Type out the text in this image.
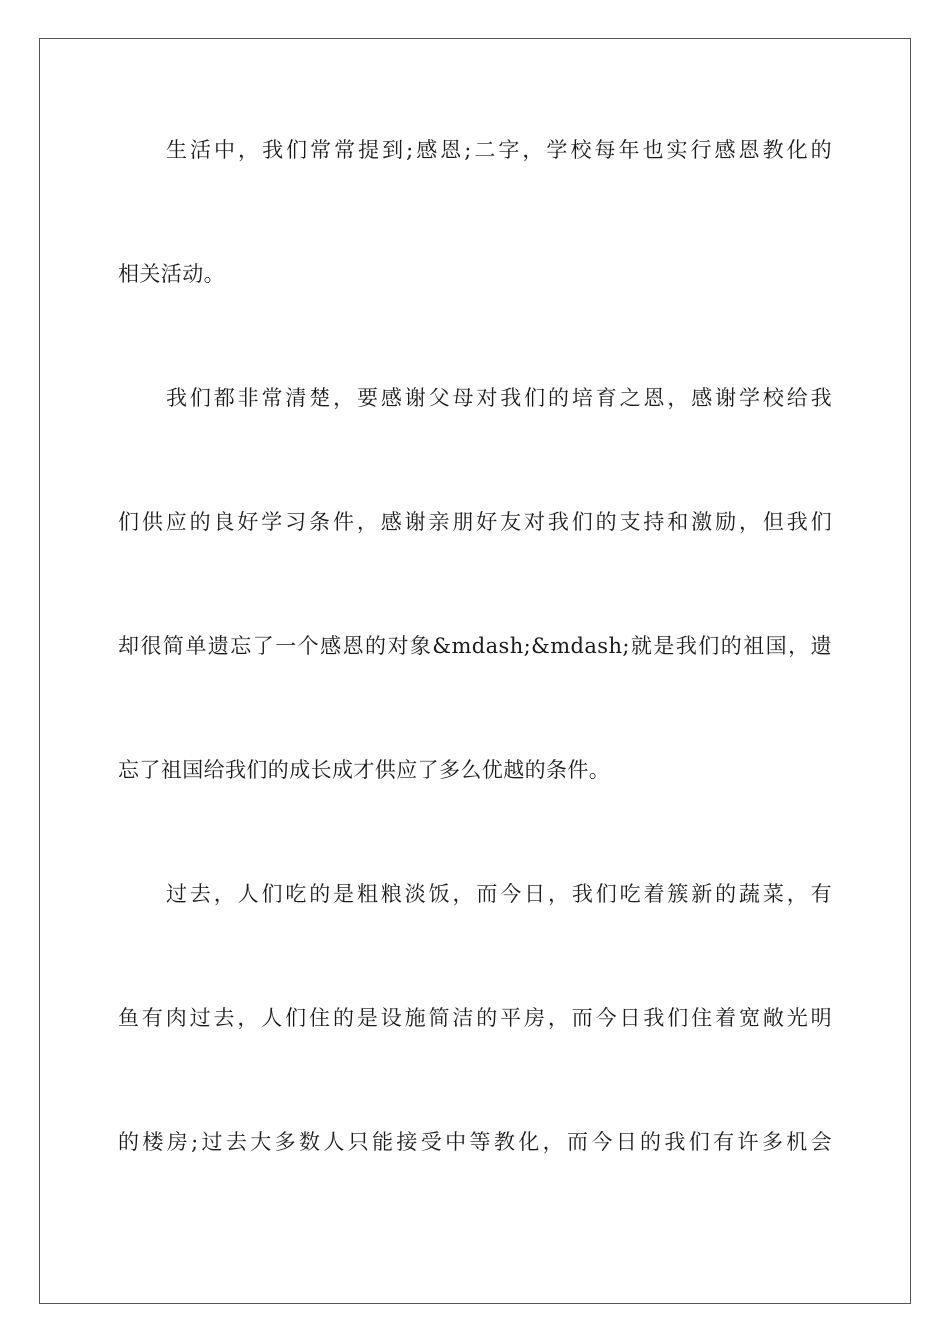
生活中，我们常常提到;感恩;二字，学校每年也实行感恩教化的
相关活动。
我们都非常清楚，要感谢父母对我们的培育之恩，感谢学校给我
们供应的良好学习条件，感谢亲朋好友对我们的支持和激励，但我们
却很简单遗忘了一个感恩的对象&mdash;&mdash;就是我们的祖国，遗
忘了祖国给我们的成长成才供应了多么优越的条件。
过去，人们吃的是粗粮淡饭，而今日，我们吃着簇新的蔬菜，有
鱼有肉过去，人们住的是设施简洁的平房，而今日我们住着宽敞光明
的楼房;过去大多数人只能接受中等教化，而今日的我们有许多机会
